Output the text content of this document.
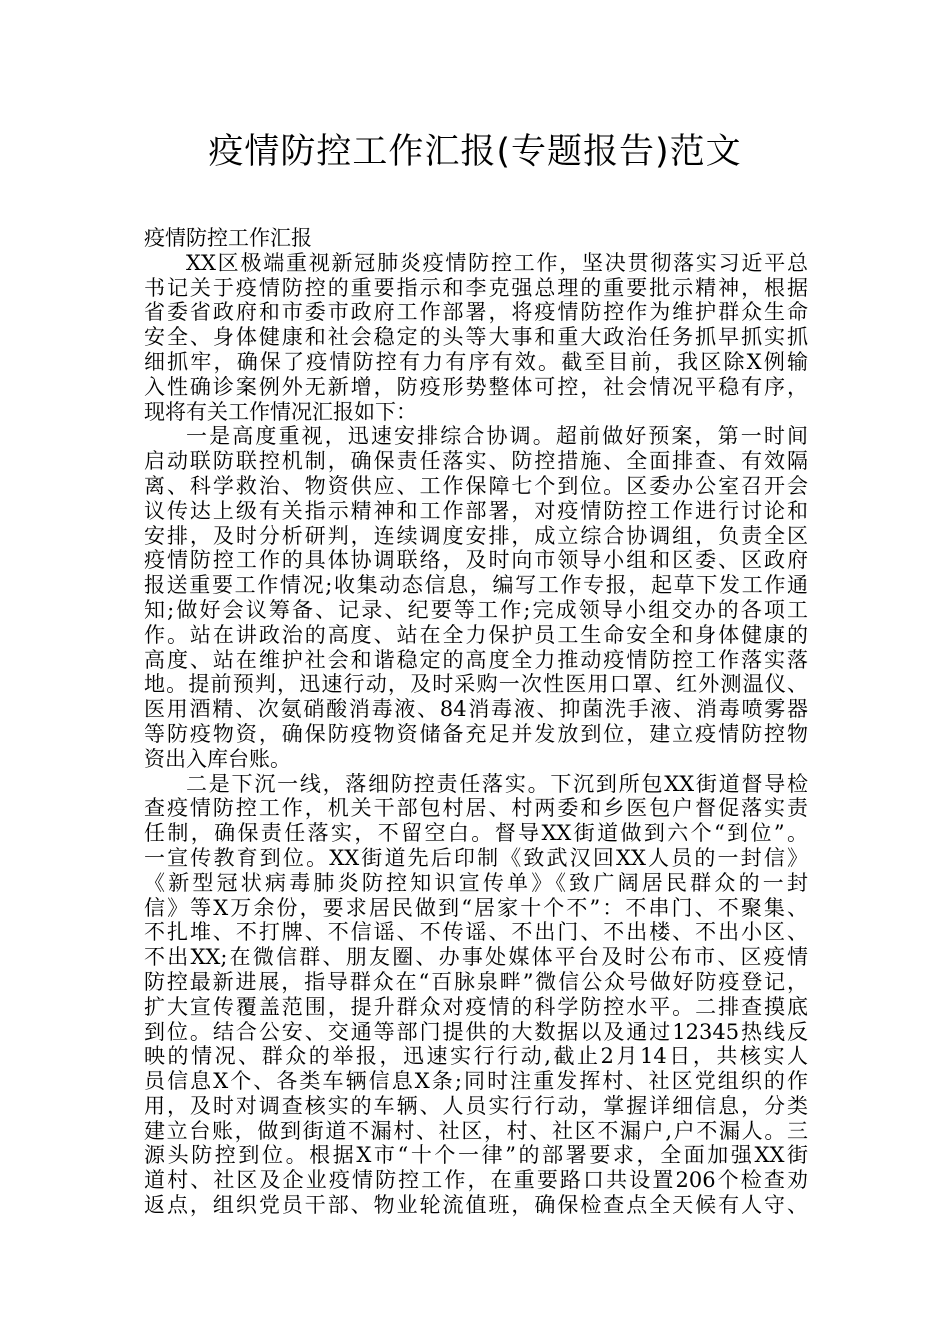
疫情防控工作汇报(专题报告)范文
疫情防控工作汇报
XX区极端重视新冠肺炎疫情防控工作，坚决贯彻落实习近平总
书记关于疫情防控的重要指示和李克强总理的重要批示精神，根据
省委省政府和市委市政府工作部署，将疫情防控作为维护群众生命
安全、身体健康和社会稳定的头等大事和重大政治任务抓早抓实抓
细抓牢，确保了疫情防控有力有序有效。截至目前，我区除X例输
入性确诊案例外无新增，防疫形势整体可控，社会情况平稳有序，
现将有关工作情况汇报如下：
一是高度重视，迅速安排综合协调。超前做好预案，第一时间
启动联防联控机制，确保责任落实、防控措施、全面排查、有效隔
离、科学救治、物资供应、工作保障七个到位。区委办公室召开会
议传达上级有关指示精神和工作部署，对疫情防控工作进行讨论和
安排，及时分析研判，连续调度安排，成立综合协调组，负责全区
疫情防控工作的具体协调联络，及时向市领导小组和区委、区政府
报送重要工作情况;收集动态信息，编写工作专报，起草下发工作通
知;做好会议筹备、记录、纪要等工作;完成领导小组交办的各项工
作。站在讲政治的高度、站在全力保护员工生命安全和身体健康的
高度、站在维护社会和谐稳定的高度全力推动疫情防控工作落实落
地。提前预判，迅速行动，及时采购一次性医用口罩、红外测温仪、
医用酒精、次氨硝酸消毒液、84消毒液、抑菌洗手液、消毒喷雾器
等防疫物资，确保防疫物资储备充足并发放到位，建立疫情防控物
资出入库台账。
二是下沉一线，落细防控责任落实。下沉到所包XX街道督导检
查疫情防控工作，机关干部包村居、村两委和乡医包户督促落实责
任制，确保责任落实，不留空白。督导XX街道做到六个“到位”。
一宣传教育到位。XX街道先后印制《致武汉回XX人员的一封信》
《新型冠状病毒肺炎防控知识宣传单》《致广阔居民群众的一封
信》等X万余份，要求居民做到“居家十个不”：不串门、不聚集、
不扎堆、不打牌、不信谣、不传谣、不出门、不出楼、不出小区、
不出XX;在微信群、朋友圈、办事处媒体平台及时公布市、区疫情
防控最新进展，指导群众在“百脉泉畔”微信公众号做好防疫登记，
扩大宣传覆盖范围，提升群众对疫情的科学防控水平。二排查摸底
到位。结合公安、交通等部门提供的大数据以及通过12345热线反
映的情况、群众的举报，迅速实行行动,截止2月14日，共核实人
员信息X个、各类车辆信息X条;同时注重发挥村、社区党组织的作
用，及时对调查核实的车辆、人员实行行动，掌握详细信息，分类
建立台账，做到街道不漏村、社区，村、社区不漏户,户不漏人。三
源头防控到位。根据X市“十个一律”的部署要求，全面加强XX街
道村、社区及企业疫情防控工作，在重要路口共设置206个检查劝
返点，组织党员干部、物业轮流值班，确保检查点全天候有人守、
